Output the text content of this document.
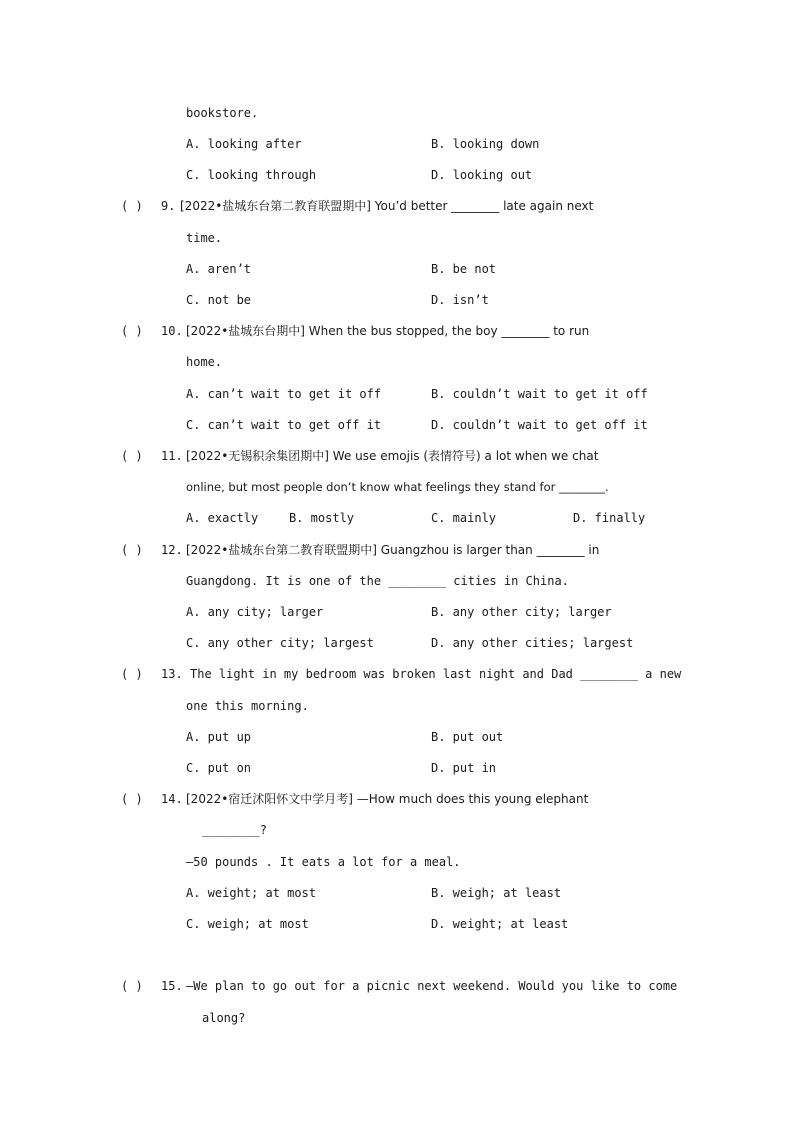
bookstore.
A. looking after	B. looking down
C. looking through	D. looking out
( ) 9. [2022•盐城东台第二教育联盟期中] You’d better ________ late again next
time.
A. aren’t	B. be not
C. not be	D. isn’t
( ) 10. [2022•盐城东台期中] When the bus stopped, the boy ________ to run
home.
A. can’t wait to get it off	B. couldn’t wait to get it off
C. can’t wait to get off it	D. couldn’t wait to get off it
( ) 11. [2022•无锡积余集团期中] We use emojis (表情符号) a lot when we chat
online, but most people don’t know what feelings they stand for ________.
A. exactly	B. mostly	C. mainly	D. finally
( ) 12. [2022•盐城东台第二教育联盟期中] Guangzhou is larger than ________ in
Guangdong. It is one of the ________ cities in China.
A. any city; larger	B. any other city; larger
C. any other city; largest	D. any other cities; largest
( ) 13. The light in my bedroom was broken last night and Dad ________ a new
one this morning.
A. put up	B. put out
C. put on	D. put in
( ) 14. [2022•宿迁沭阳怀文中学月考] —How much does this young elephant
________?
—50 pounds . It eats a lot for a meal.
A. weight; at most	B. weigh; at least
C. weigh; at most	D. weight; at least
( ) 15. —We plan to go out for a picnic next weekend. Would you like to come
along?
